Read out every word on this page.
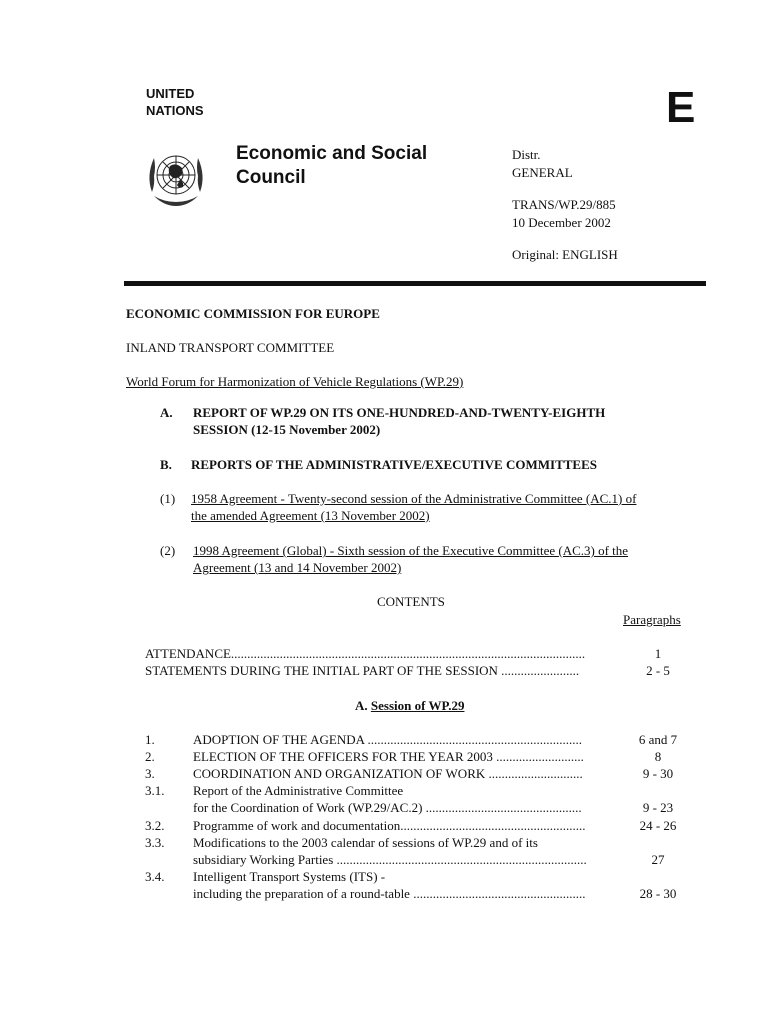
UNITED
NATIONS	E
Economic and Social
Council
Distr.
GENERAL
TRANS/WP.29/885
10 December 2002
Original: ENGLISH
ECONOMIC COMMISSION FOR EUROPE
INLAND TRANSPORT COMMITTEE
World Forum for Harmonization of Vehicle Regulations (WP.29)
A. REPORT OF WP.29 ON ITS ONE-HUNDRED-AND-TWENTY-EIGHTH
SESSION (12-15 November 2002)
B. REPORTS OF THE ADMINISTRATIVE/EXECUTIVE COMMITTEES
(1) 1958 Agreement - Twenty-second session of the Administrative Committee (AC.1) of
the amended Agreement (13 November 2002)
(2) 1998 Agreement (Global) - Sixth session of the Executive Committee (AC.3) of the
Agreement (13 and 14 November 2002)
CONTENTS
Paragraphs
ATTENDANCE.............................................................................................................	1
STATEMENTS DURING THE INITIAL PART OF THE SESSION ........................	2 - 5
A. Session of WP.29
1.	ADOPTION OF THE AGENDA ..................................................................	6 and 7
2.	ELECTION OF THE OFFICERS FOR THE YEAR 2003 ...........................	8
3.	COORDINATION AND ORGANIZATION OF WORK .............................	9 - 30
3.1. Report of the Administrative Committee
for the Coordination of Work (WP.29/AC.2) ................................................	9 - 23
3.2. Programme of work and documentation.........................................................	24 - 26
3.3. Modifications to the 2003 calendar of sessions of WP.29 and of its
subsidiary Working Parties .............................................................................	27
3.4. Intelligent Transport Systems (ITS) -
including the preparation of a round-table .....................................................	28 - 30
